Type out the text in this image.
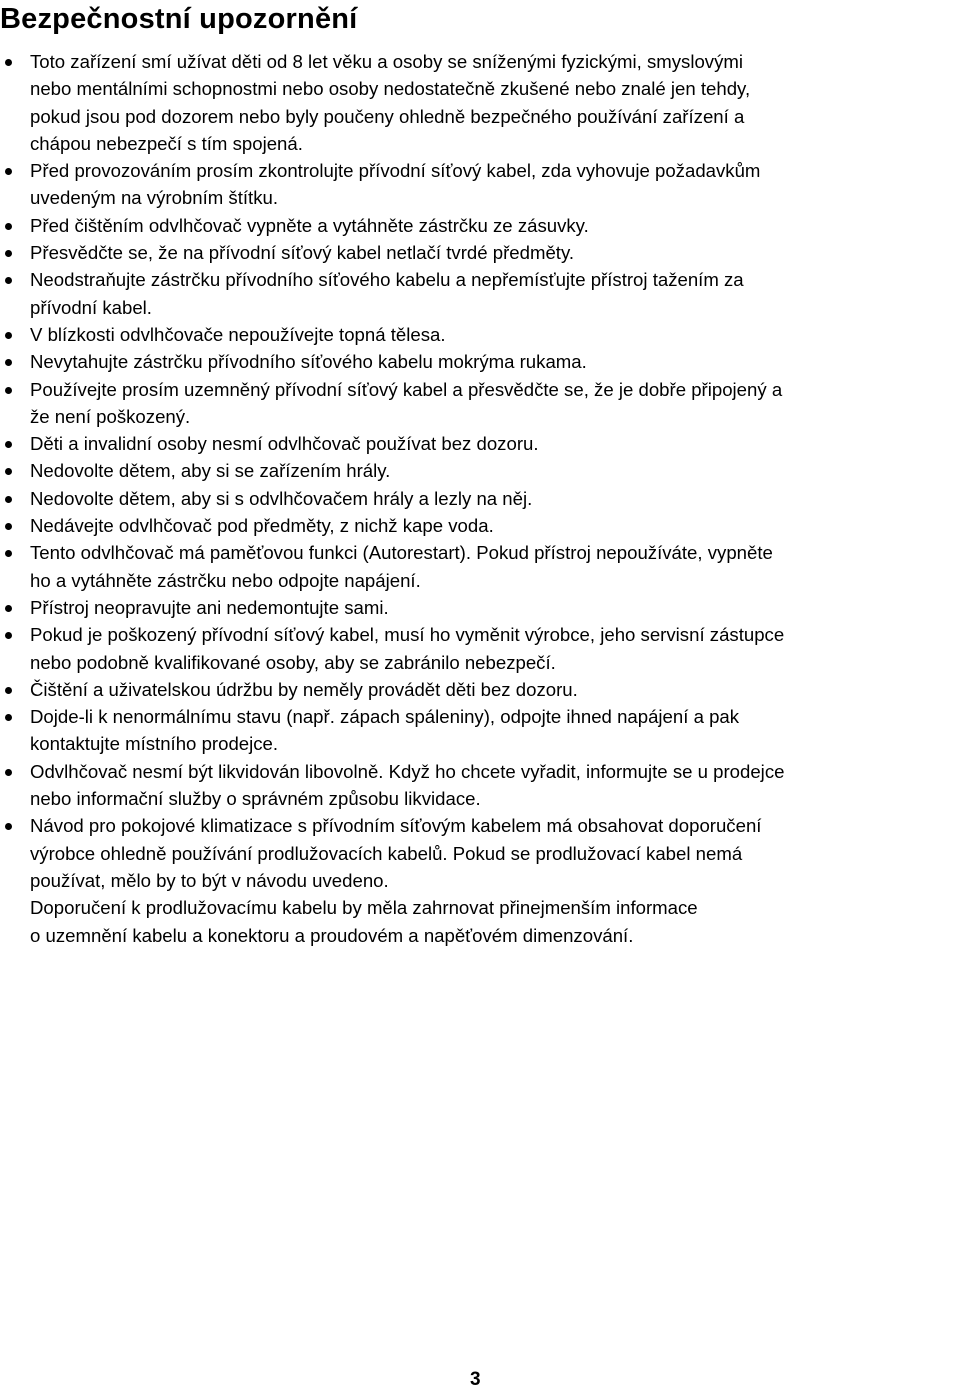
Bezpečnostní upozornění
Toto zařízení smí užívat děti od 8 let věku a osoby se sníženými fyzickými, smyslovými
nebo mentálními schopnostmi nebo osoby nedostatečně zkušené nebo znalé jen tehdy,
pokud jsou pod dozorem nebo byly poučeny ohledně bezpečného používání zařízení a
chápou nebezpečí s tím spojená.
Před provozováním prosím zkontrolujte přívodní síťový kabel, zda vyhovuje požadavkům
uvedeným na výrobním štítku.
Před čištěním odvlhčovač vypněte a vytáhněte zástrčku ze zásuvky.
Přesvědčte se, že na přívodní síťový kabel netlačí tvrdé předměty.
Neodstraňujte zástrčku přívodního síťového kabelu a nepřemísťujte přístroj tažením za
přívodní kabel.
V blízkosti odvlhčovače nepoužívejte topná tělesa.
Nevytahujte zástrčku přívodního síťového kabelu mokrýma rukama.
Používejte prosím uzemněný přívodní síťový kabel a přesvědčte se, že je dobře připojený a
že není poškozený.
Děti a invalidní osoby nesmí odvlhčovač používat bez dozoru.
Nedovolte dětem, aby si se zařízením hrály.
Nedovolte dětem, aby si s odvlhčovačem hrály a lezly na něj.
Nedávejte odvlhčovač pod předměty, z nichž kape voda.
Tento odvlhčovač má paměťovou funkci (Autorestart). Pokud přístroj nepoužíváte, vypněte
ho a vytáhněte zástrčku nebo odpojte napájení.
Přístroj neopravujte ani nedemontujte sami.
Pokud je poškozený přívodní síťový kabel, musí ho vyměnit výrobce, jeho servisní zástupce
nebo podobně kvalifikované osoby, aby se zabránilo nebezpečí.
Čištění a uživatelskou údržbu by neměly provádět děti bez dozoru.
Dojde-li k nenormálnímu stavu (např. zápach spáleniny), odpojte ihned napájení a pak
kontaktujte místního prodejce.
Odvlhčovač nesmí být likvidován libovolně. Když ho chcete vyřadit, informujte se u prodejce
nebo informační služby o správném způsobu likvidace.
Návod pro pokojové klimatizace s přívodním síťovým kabelem má obsahovat doporučení
výrobce ohledně používání prodlužovacích kabelů. Pokud se prodlužovací kabel nemá
používat, mělo by to být v návodu uvedeno.
Doporučení k prodlužovacímu kabelu by měla zahrnovat přinejmenším informace
o uzemnění kabelu a konektoru a proudovém a napěťovém dimenzování.
3
